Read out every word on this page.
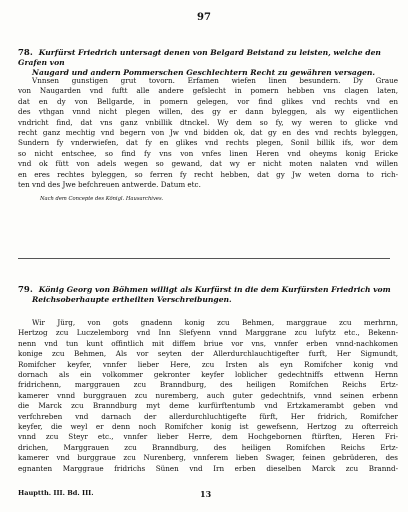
97
78. Kurfürst Friedrich untersagt denen von Belgard Beistand zu leisten, welche den Grafen von
Naugard und andern Pommerschen Geschlechtern Recht zu gewähren versagen.
Vnnsen gunstigen grut tovorn. Erfamen wiefen linen besundern. Dy Graue
von Naugarden vnd fuftt alle andere gefslecht in pomern hebben vns clagen laten,
dat en dy von Bellgarde, in pomern gelegen, vor find glikes vnd rechts vnd en
des vthgan vnnd nicht plegen willen, des gy er dann byleggen, als wy eigentlichen
vndricht find, dat vns ganz vnbillik dtnckel. Wy dem so fy, wy weren to glicke vnd
recht ganz mechtig vnd begern von Jw vnd bidden ok, dat gy en des vnd rechts byleggen,
Sundern fy vnderwiefen, dat fy en glikes vnd rechts plegen, Sonil billik ifs, wor dem
so nicht entschee, so find fy vns von vnfes linen Heren vnd oheyms konig Ericke
vnd ok fütt von adels wegen so gewand, dat wy er nicht moten nalaten vnd willen
en eres rechtes byleggen, so ferren fy recht hebben, dat gy Jw weten dorna to rich-
ten vnd des Jwe befchreuen antwerde. Datum etc.
Nach dem Concepte des Königl. Hausarchives.
79. König Georg von Böhmen willigt als Kurfürst in die dem Kurfürsten Friedrich vom
Reichsoberhaupte ertheilten Verschreibungen.
Wir Jürg, von gots gnadenn konig zcu Behmen, marggraue zcu merhrnn,
Hertzog zcu Luczelemborg vnd Inn Slefyenn vnnd Marggrane zcu lufytz etc., Bekenn-
nenn vnd tun kunt offintlich mit diffem briue vor vns, vnnfer erben vnnd-nachkomen
konige zcu Behmen, Als vor seyten der Allerdurchlauchtigefter furft, Her Sigmundt,
Romifcher keyfer, vnnfer lieber Here, zcu Irsten als eyn Romifcher konig vnd
dornach als ein volkommer gekronter keyfer loblicher gedechtniffs ettwenn Hernn
fridrichenn, marggrauen zcu Branndburg, des heiligen Romifchen Reichs Ertz-
kamerer vnnd burggrauen zcu nuremberg, auch guter gedechtnifs, vnnd seinen erbenn
die Marck zcu Branndburg myt deme kurfürftentumb vnd Ertzkamerambt geben vnd
verfchreben vnd darnach der allerdurchluchtigefte fürft, Her fridrich, Romifcher
keyfer, die weyl er denn noch Romifcher konig ist gewefsenn, Hertzog zu ofterreich
vnnd zcu Steyr etc., vnnfer lieber Herre, dem Hochgebornen ftürften, Heren Fri-
drichen, Marggrauen zcu Branndburg, des heiligen Romifchen Reichs Ertz-
kamerer vnd burggraue zcu Nurenberg, vnnferem lieben Swager, feinen gebrüderen, des
egnanten Marggraue fridrichs Sünen vnd Irn erben dieselben Marck zcu Brannd-
Hauptth. III. Bd. III.	13
